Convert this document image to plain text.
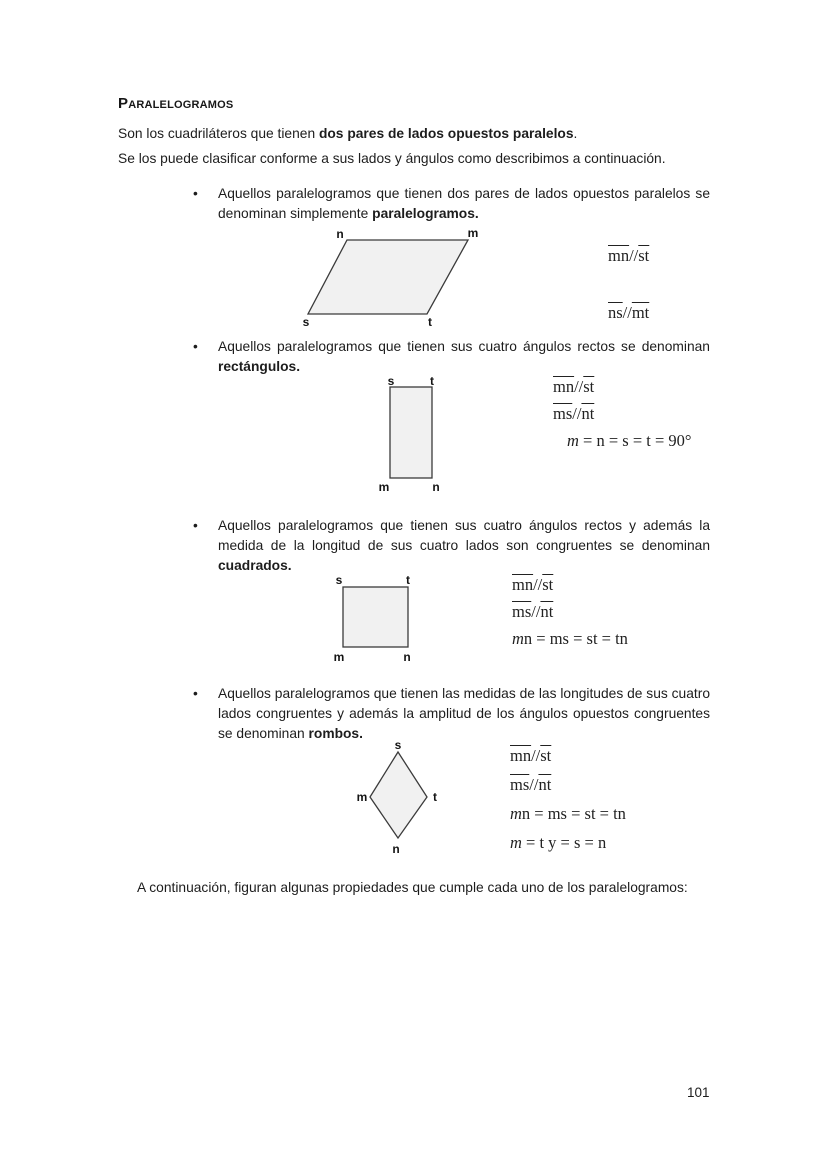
Paralelogramos

Son los cuadriláteros que tienen dos pares de lados opuestos paralelos.

Se los puede clasificar conforme a sus lados y ángulos como describimos a continuación.

•	Aquellos paralelogramos que tienen dos pares de lados opuestos paralelos se denominan simplemente paralelogramos.
n	m
s	t
$\overline{mn}//\overline{st}$
$\overline{ns}//\overline{mt}$
•	Aquellos paralelogramos que tienen sus cuatro ángulos rectos se denominan rectángulos.
s	t
m	n
$\overline{mn}//\overline{st}$
$\overline{ms}//\overline{nt}$
m = n = s = t = 90°
•	Aquellos paralelogramos que tienen sus cuatro ángulos rectos y además la medida de la longitud de sus cuatro lados son congruentes se denominan cuadrados.
s	t
m	n
$\overline{mn}//\overline{st}$
$\overline{ms}//\overline{nt}$
mn = ms = st = tn
•	Aquellos paralelogramos que tienen las medidas de las longitudes de sus cuatro lados congruentes y además la amplitud de los ángulos opuestos congruentes se denominan rombos.
s
m	t
n
$\overline{mn}//\overline{st}$
$\overline{ms}//\overline{nt}$
mn = ms = st = tn
m = t y = s = n

A continuación, figuran algunas propiedades que cumple cada uno de los paralelogramos:

101
